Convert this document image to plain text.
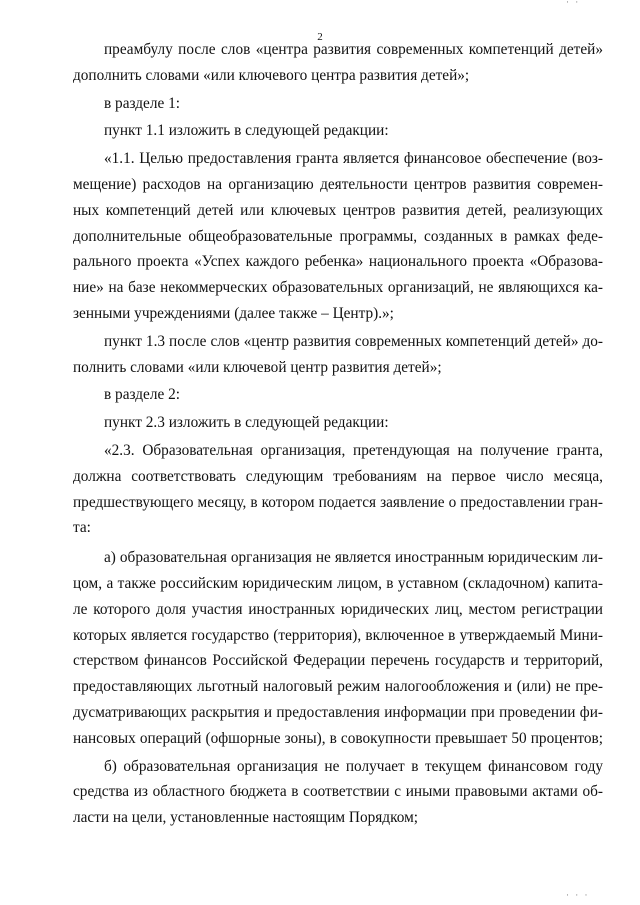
· ·
2
преамбулу после слов «центра развития современных компетенций детей»
дополнить словами «или ключевого центра развития детей»;
в разделе 1:
пункт 1.1 изложить в следующей редакции:
«1.1. Целью предоставления гранта является финансовое обеспечение (воз-
мещение) расходов на организацию деятельности центров развития современ-
ных компетенций детей или ключевых центров развития детей, реализующих
дополнительные общеобразовательные программы, созданных в рамках феде-
рального проекта «Успех каждого ребенка» национального проекта «Образова-
ние» на базе некоммерческих образовательных организаций, не являющихся ка-
зенными учреждениями (далее также – Центр).»;
пункт 1.3 после слов «центр развития современных компетенций детей» до-
полнить словами «или ключевой центр развития детей»;
в разделе 2:
пункт 2.3 изложить в следующей редакции:
«2.3. Образовательная организация, претендующая на получение гранта,
должна соответствовать следующим требованиям на первое число месяца,
предшествующего месяцу, в котором подается заявление о предоставлении гран-
та:
а) образовательная организация не является иностранным юридическим ли-
цом, а также российским юридическим лицом, в уставном (складочном) капита-
ле которого доля участия иностранных юридических лиц, местом регистрации
которых является государство (территория), включенное в утверждаемый Мини-
стерством финансов Российской Федерации перечень государств и территорий,
предоставляющих льготный налоговый режим налогообложения и (или) не пре-
дусматривающих раскрытия и предоставления информации при проведении фи-
нансовых операций (офшорные зоны), в совокупности превышает 50 процентов;
б) образовательная организация не получает в текущем финансовом году
средства из областного бюджета в соответствии с иными правовыми актами об-
ласти на цели, установленные настоящим Порядком;
· · ·
